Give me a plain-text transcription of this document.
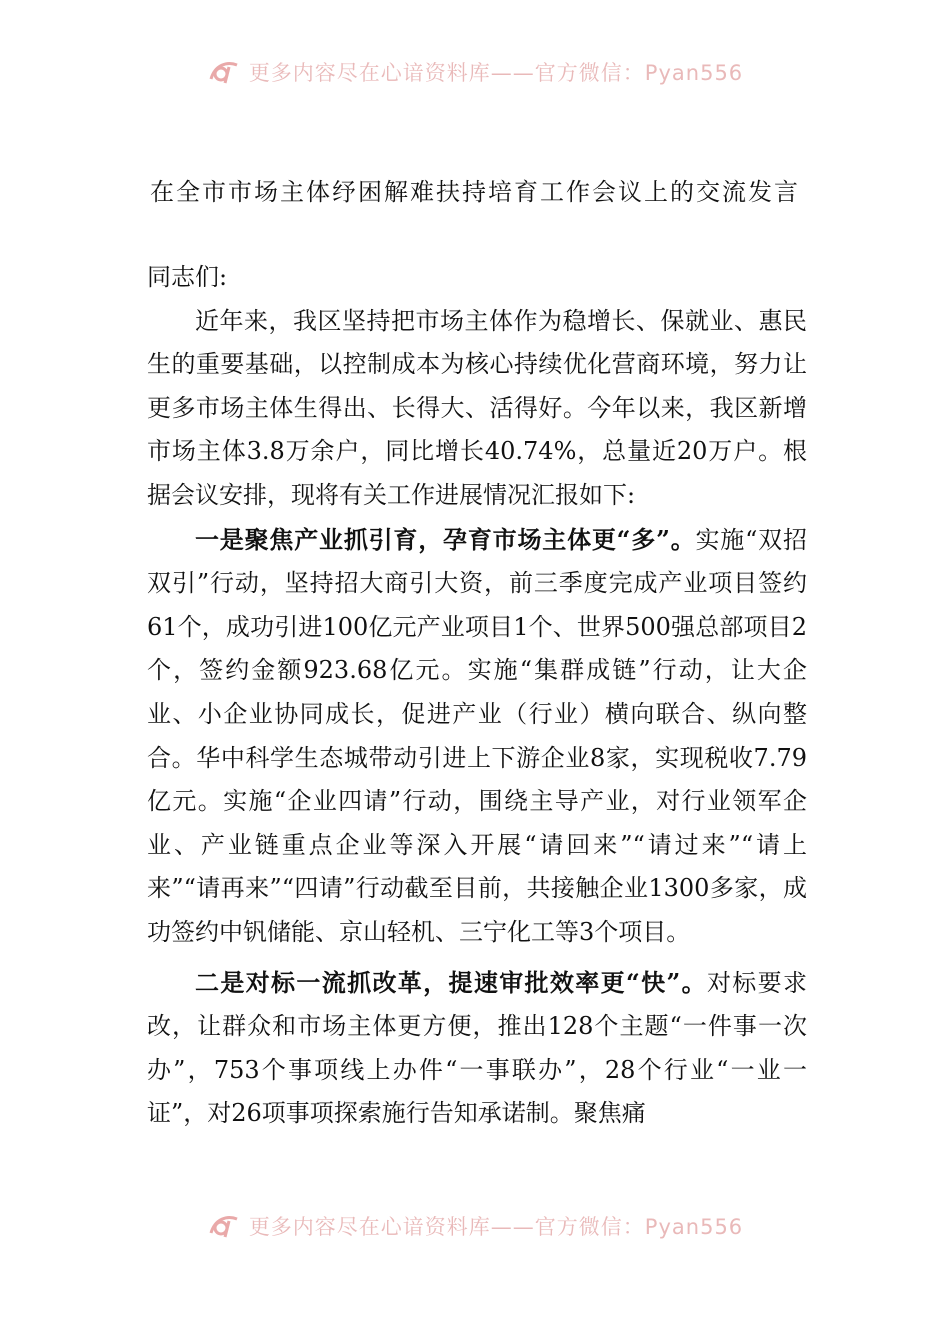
更多内容尽在心谙资料库——官方微信：Pyan556
在全市市场主体纾困解难扶持培育工作会议上的交流发言

同志们:

近年来，我区坚持把市场主体作为稳增长、保就业、惠民生的重要基础，以控制成本为核心持续优化营商环境，努力让更多市场主体生得出、长得大、活得好。今年以来，我区新增市场主体3.8万余户，同比增长40.74%，总量近20万户。根据会议安排，现将有关工作进展情况汇报如下:

一是聚焦产业抓引育，孕育市场主体更“多”。实施“双招双引”行动，坚持招大商引大资，前三季度完成产业项目签约61个，成功引进100亿元产业项目1个、世界500强总部项目2个，签约金额923.68亿元。实施“集群成链”行动，让大企业、小企业协同成长，促进产业（行业）横向联合、纵向整合。华中科学生态城带动引进上下游企业8家，实现税收7.79亿元。实施“企业四请”行动，围绕主导产业，对行业领军企业、产业链重点企业等深入开展“请回来”“请过来”“请上来”“请再来”“四请”行动截至目前，共接触企业1300多家，成功签约中钒储能、京山轻机、三宁化工等3个项目。

二是对标一流抓改革，提速审批效率更“快”。对标要求改，让群众和市场主体更方便，推出128个主题“一件事一次办”，753个事项线上办件“一事联办”，28个行业“一业一证”，对26项事项探索施行告知承诺制。聚焦痛

更多内容尽在心谙资料库——官方微信：Pyan556
